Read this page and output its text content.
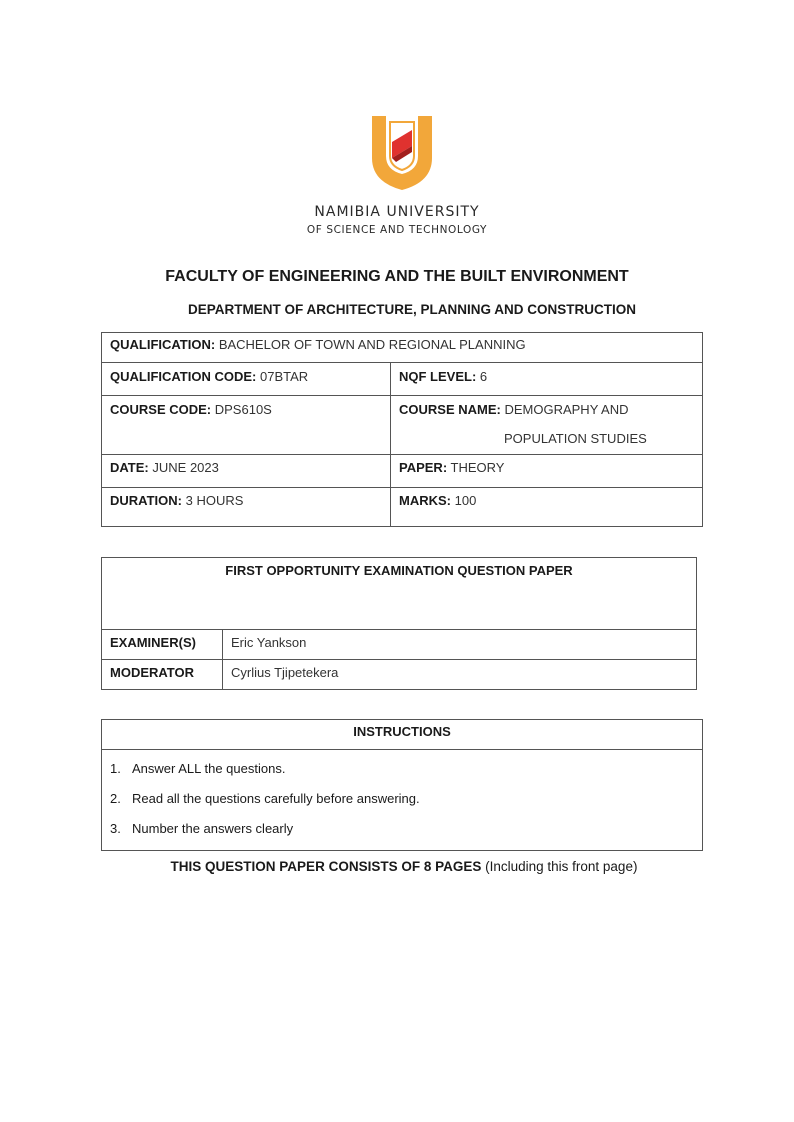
NAMIBIA UNIVERSITY
OF SCIENCE AND TECHNOLOGY
FACULTY OF ENGINEERING AND THE BUILT ENVIRONMENT
DEPARTMENT OF ARCHITECTURE, PLANNING AND CONSTRUCTION
QUALIFICATION: BACHELOR OF TOWN AND REGIONAL PLANNING	
QUALIFICATION CODE: 07BTAR	NQF LEVEL: 6
COURSE CODE: DPS610S	COURSE NAME: DEMOGRAPHY AND
POPULATION STUDIES

DATE: JUNE 2023	PAPER: THEORY
DURATION: 3 HOURS	MARKS: 100
FIRST OPPORTUNITY EXAMINATION QUESTION PAPER	
EXAMINER(S)	Eric Yankson
MODERATOR	Cyrlius Tjipetekera
INSTRUCTIONS

1. Answer ALL the questions.
2. Read all the questions carefully before answering.
3. Number the answers clearly
THIS QUESTION PAPER CONSISTS OF 8 PAGES (Including this front page)
